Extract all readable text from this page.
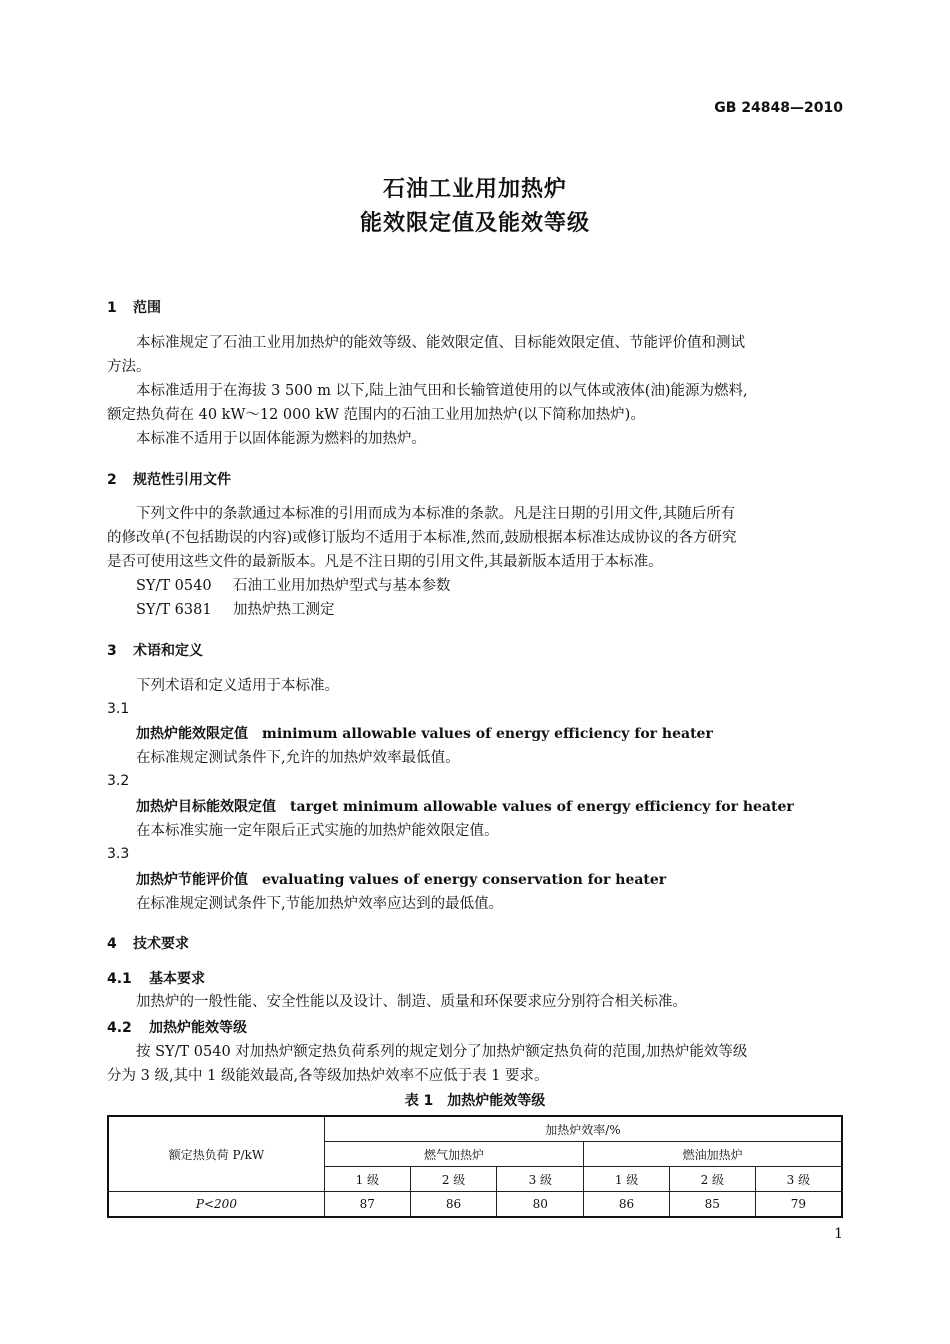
GB 24848—2010
石油工业用加热炉
能效限定值及能效等级
1 范围
本标准规定了石油工业用加热炉的能效等级、能效限定值、目标能效限定值、节能评价值和测试
方法。
本标准适用于在海拔 3 500 m 以下,陆上油气田和长输管道使用的以气体或液体(油)能源为燃料,
额定热负荷在 40 kW～12 000 kW 范围内的石油工业用加热炉(以下简称加热炉)。
本标准不适用于以固体能源为燃料的加热炉。
2 规范性引用文件
下列文件中的条款通过本标准的引用而成为本标准的条款。凡是注日期的引用文件,其随后所有
的修改单(不包括勘误的内容)或修订版均不适用于本标准,然而,鼓励根据本标准达成协议的各方研究
是否可使用这些文件的最新版本。凡是不注日期的引用文件,其最新版本适用于本标准。
SY/T 0540 石油工业用加热炉型式与基本参数
SY/T 6381 加热炉热工测定
3 术语和定义
下列术语和定义适用于本标准。
3.1
加热炉能效限定值 minimum allowable values of energy efficiency for heater
在标准规定测试条件下,允许的加热炉效率最低值。
3.2
加热炉目标能效限定值 target minimum allowable values of energy efficiency for heater
在本标准实施一定年限后正式实施的加热炉能效限定值。
3.3
加热炉节能评价值 evaluating values of energy conservation for heater
在标准规定测试条件下,节能加热炉效率应达到的最低值。
4 技术要求
4.1 基本要求
加热炉的一般性能、安全性能以及设计、制造、质量和环保要求应分别符合相关标准。
4.2 加热炉能效等级
按 SY/T 0540 对加热炉额定热负荷系列的规定划分了加热炉额定热负荷的范围,加热炉能效等级
分为 3 级,其中 1 级能效最高,各等级加热炉效率不应低于表 1 要求。
表 1　加热炉能效等级
额定热负荷 P/kW	加热炉效率/%					
	燃气加热炉			燃油加热炉		
	1 级	2 级	3 级	1 级	2 级	3 级
P<200	87	86	80	86	85	79
1
